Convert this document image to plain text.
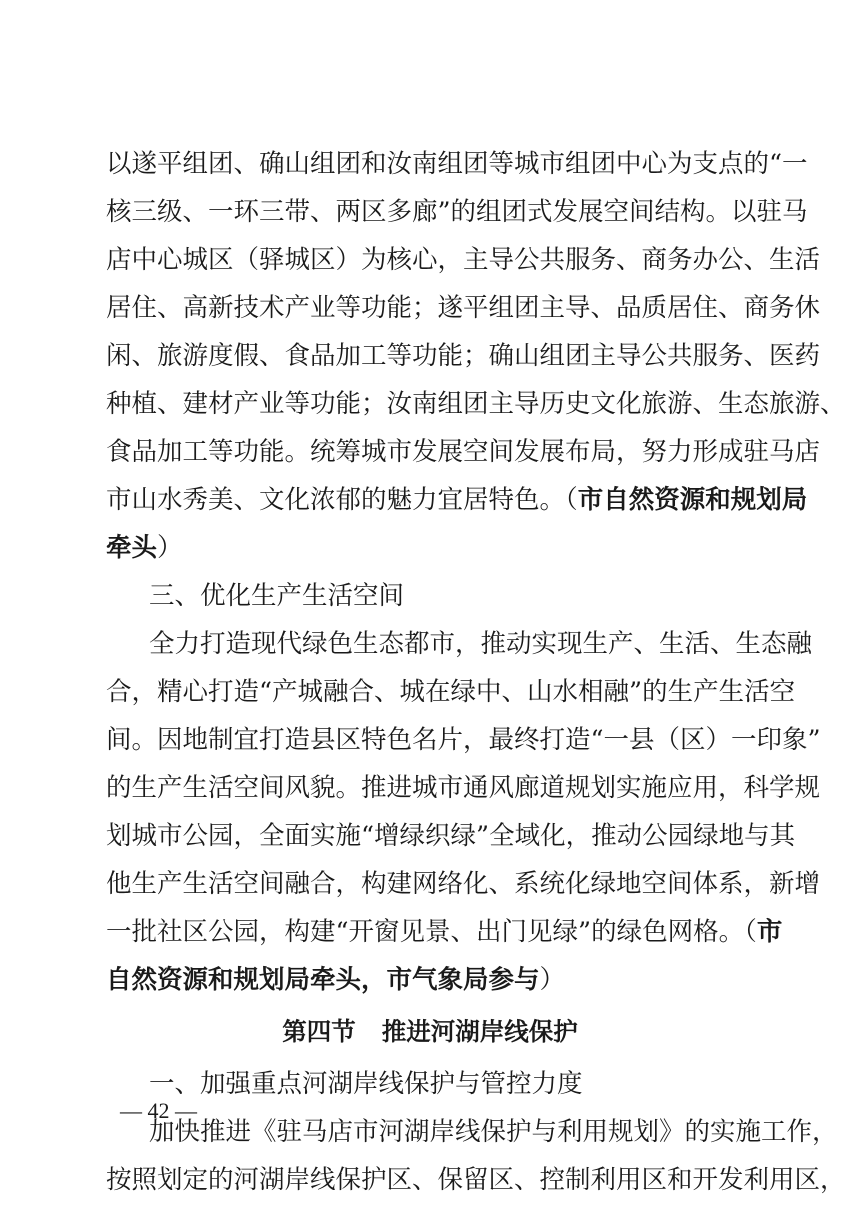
以遂平组团、确山组团和汝南组团等城市组团中心为支点的“一
核三级、一环三带、两区多廊”的组团式发展空间结构。以驻马
店中心城区（驿城区）为核心，主导公共服务、商务办公、生活
居住、高新技术产业等功能；遂平组团主导、品质居住、商务休
闲、旅游度假、食品加工等功能；确山组团主导公共服务、医药
种植、建材产业等功能；汝南组团主导历史文化旅游、生态旅游、
食品加工等功能。统筹城市发展空间发展布局，努力形成驻马店
市山水秀美、文化浓郁的魅力宜居特色。（市自然资源和规划局
牵头）
三、优化生产生活空间
全力打造现代绿色生态都市，推动实现生产、生活、生态融
合，精心打造“产城融合、城在绿中、山水相融”的生产生活空
间。因地制宜打造县区特色名片，最终打造“一县（区）一印象”
的生产生活空间风貌。推进城市通风廊道规划实施应用，科学规
划城市公园，全面实施“增绿织绿”全域化，推动公园绿地与其
他生产生活空间融合，构建网络化、系统化绿地空间体系，新增
一批社区公园，构建“开窗见景、出门见绿”的绿色网格。（市
自然资源和规划局牵头，市气象局参与）
第四节 推进河湖岸线保护
一、加强重点河湖岸线保护与管控力度
加快推进《驻马店市河湖岸线保护与利用规划》的实施工作，
按照划定的河湖岸线保护区、保留区、控制利用区和开发利用区，
— 42 —
